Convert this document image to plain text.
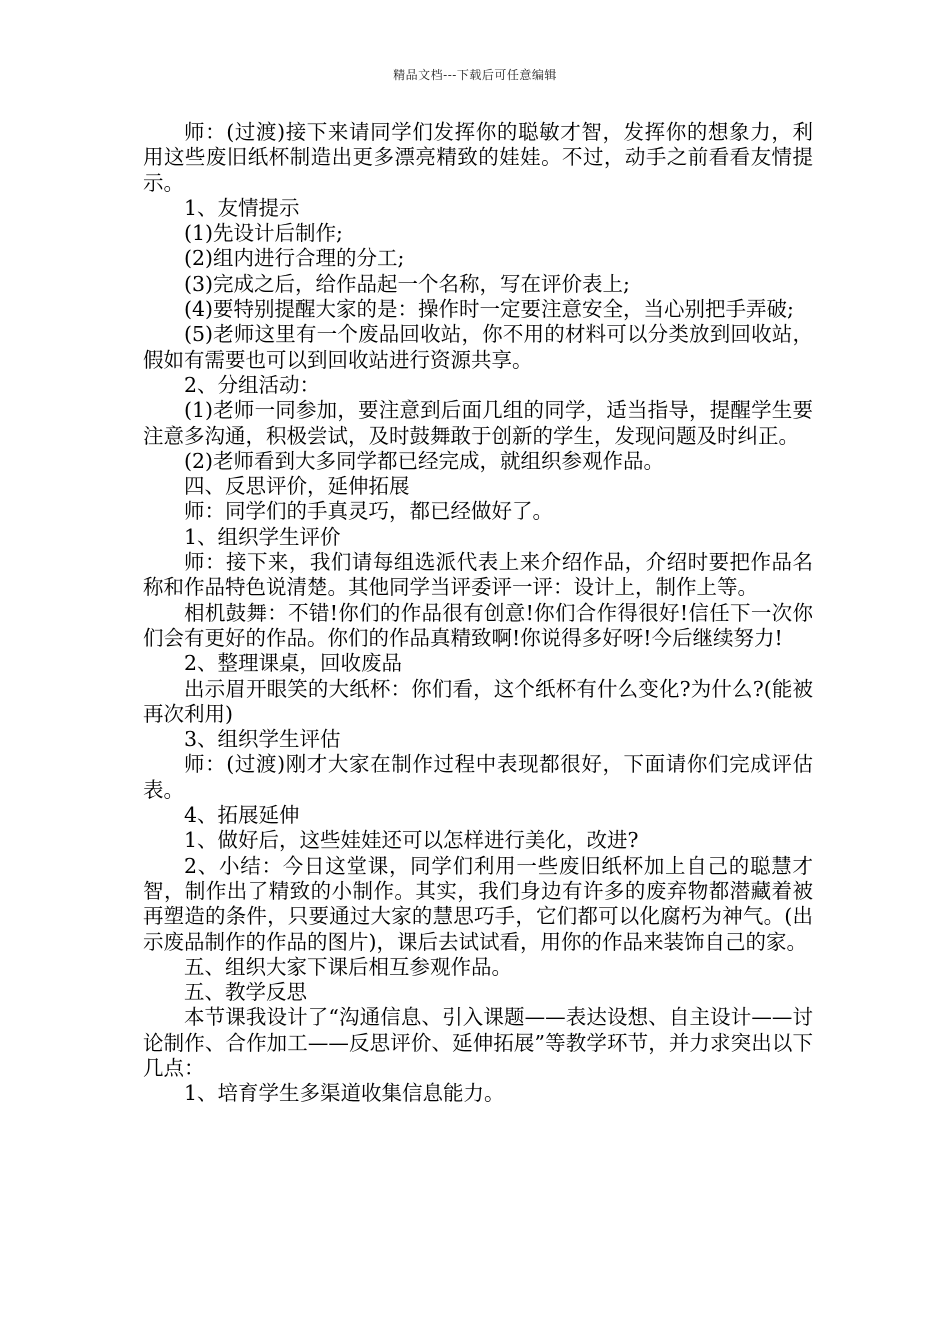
精品文档---下载后可任意编辑

师：(过渡)接下来请同学们发挥你的聪敏才智，发挥你的想象力，利用这些废旧纸杯制造出更多漂亮精致的娃娃。不过，动手之前看看友情提示。

1、友情提示

(1)先设计后制作;

(2)组内进行合理的分工;

(3)完成之后，给作品起一个名称，写在评价表上;

(4)要特别提醒大家的是：操作时一定要注意安全，当心别把手弄破;

(5)老师这里有一个废品回收站，你不用的材料可以分类放到回收站，假如有需要也可以到回收站进行资源共享。

2、分组活动：

(1)老师一同参加，要注意到后面几组的同学，适当指导，提醒学生要注意多沟通，积极尝试，及时鼓舞敢于创新的学生，发现问题及时纠正。

(2)老师看到大多同学都已经完成，就组织参观作品。

四、反思评价，延伸拓展

师：同学们的手真灵巧，都已经做好了。

1、组织学生评价

师：接下来，我们请每组选派代表上来介绍作品，介绍时要把作品名称和作品特色说清楚。其他同学当评委评一评：设计上，制作上等。

相机鼓舞：不错!你们的作品很有创意!你们合作得很好!信任下一次你们会有更好的作品。你们的作品真精致啊!你说得多好呀!今后继续努力!

2、整理课桌，回收废品

出示眉开眼笑的大纸杯：你们看，这个纸杯有什么变化?为什么?(能被再次利用)

3、组织学生评估

师：(过渡)刚才大家在制作过程中表现都很好，下面请你们完成评估表。

4、拓展延伸

1、做好后，这些娃娃还可以怎样进行美化，改进?

2、小结：今日这堂课，同学们利用一些废旧纸杯加上自己的聪慧才智，制作出了精致的小制作。其实，我们身边有许多的废弃物都潜藏着被再塑造的条件，只要通过大家的慧思巧手，它们都可以化腐朽为神气。(出示废品制作的作品的图片)，课后去试试看，用你的作品来装饰自己的家。

五、组织大家下课后相互参观作品。

五、教学反思

本节课我设计了“沟通信息、引入课题——表达设想、自主设计——讨论制作、合作加工——反思评价、延伸拓展”等教学环节，并力求突出以下几点：

1、培育学生多渠道收集信息能力。
